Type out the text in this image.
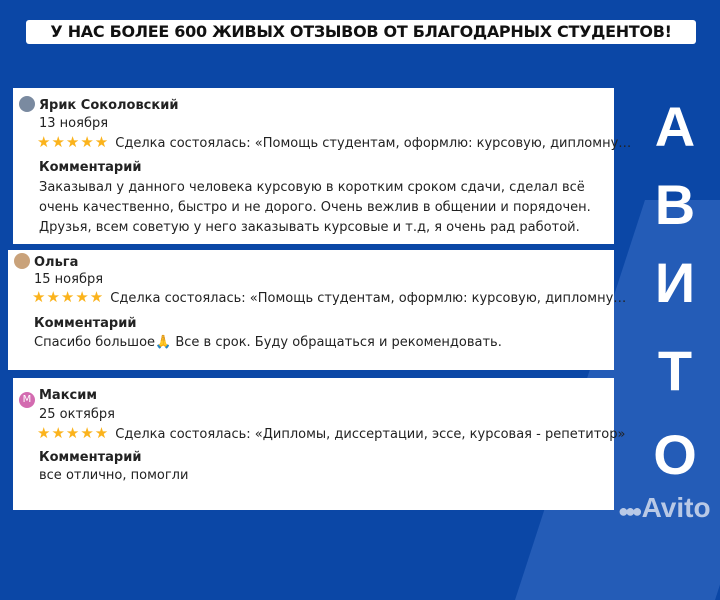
У НАС БОЛЕЕ 600 ЖИВЫХ ОТЗЫВОВ ОТ БЛАГОДАРНЫХ СТУДЕНТОВ!
Ярик Соколовский
13 ноября
★★★★★ Сделка состоялась: «Помощь студентам, оформлю: курсовую, дипломну…
Комментарий
Заказывал у данного человека курсовую в коротким сроком сдачи, сделал всё очень качественно, быстро и не дорого. Очень вежлив в общении и порядочен. Друзья, всем советую у него заказывать курсовые и т.д, я очень рад работой.
Ольга
15 ноября
★★★★★ Сделка состоялась: «Помощь студентам, оформлю: курсовую, дипломну…
Комментарий
Спасибо большое🙏 Все в срок. Буду обращаться и рекомендовать.
М Максим
25 октября
★★★★★ Сделка состоялась: «Дипломы, диссертации, эссе, курсовая - репетитор»
Комментарий
все отлично, помогли
А
В
И
Т
О
●●● Avito
